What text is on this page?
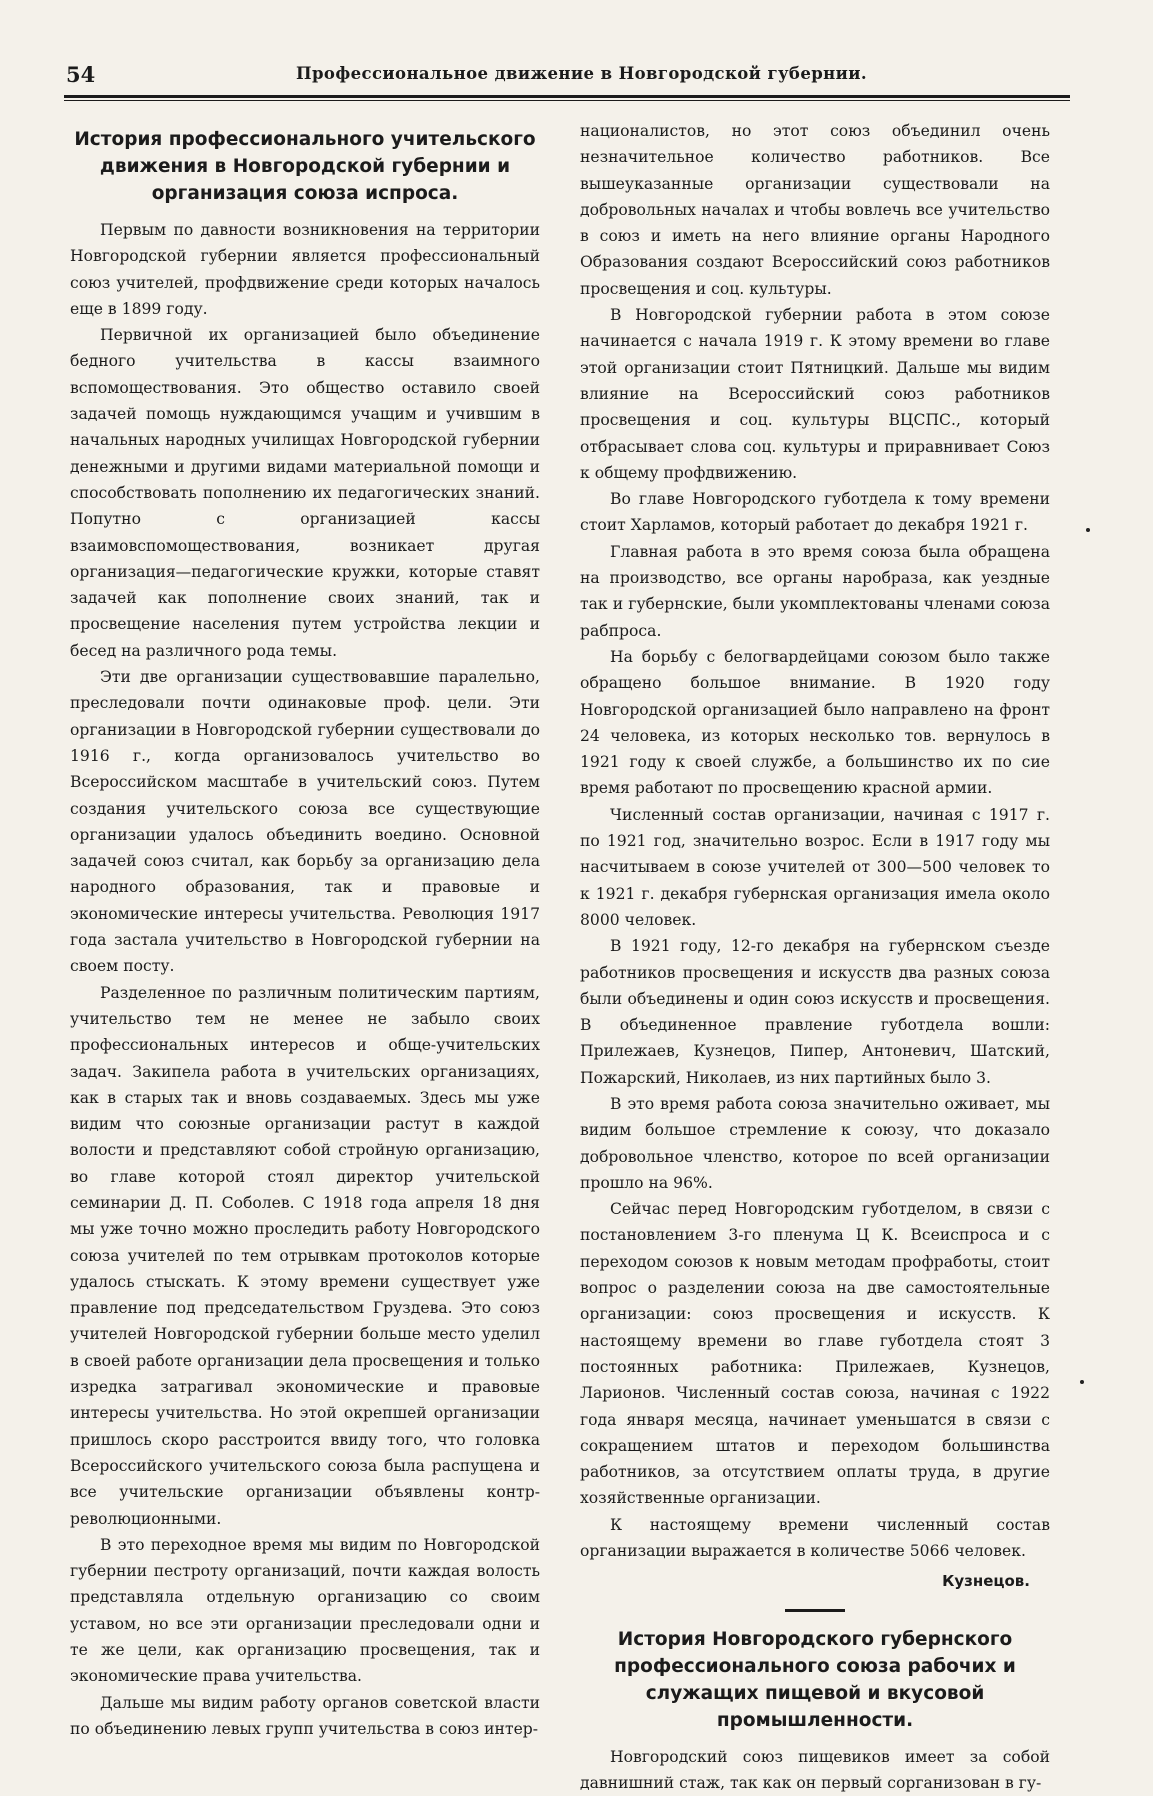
54	Профессиональное движение в Новгородской губернии.
История профессионального учительского движения в Новгородской губернии и организация союза испроса.

Первым по давности возникновения на территории Новгородской губернии является профессиональный союз учителей, профдвижение среди которых началось еще в 1899 году.

Первичной их организацией было объединение бедного учительства в кассы взаимного вспомоществования. Это общество оставило своей задачей помощь нуждающимся учащим и учившим в начальных народных училищах Новгородской губернии денежными и другими видами материальной помощи и способствовать пополнению их педагогических знаний. Попутно с организацией кассы взаимовспомоществования, возникает другая организация—педагогические кружки, которые ставят задачей как пополнение своих знаний, так и просвещение населения путем устройства лекции и бесед на различного рода темы.

Эти две организации существовавшие паралельно, преследовали почти одинаковые проф. цели. Эти организации в Новгородской губернии существовали до 1916 г., когда организовалось учительство во Всероссийском масштабе в учительский союз. Путем создания учительского союза все существующие организации удалось объединить воедино. Основной задачей союз считал, как борьбу за организацию дела народного образования, так и правовые и экономические интересы учительства. Революция 1917 года застала учительство в Новгородской губернии на своем посту.

Разделенное по различным политическим партиям, учительство тем не менее не забыло своих профессиональных интересов и обще-учительских задач. Закипела работа в учительских организациях, как в старых так и вновь создаваемых. Здесь мы уже видим что союзные организации растут в каждой волости и представляют собой стройную организацию, во главе которой стоял директор учительской семинарии Д. П. Соболев. С 1918 года апреля 18 дня мы уже точно можно проследить работу Новгородского союза учителей по тем отрывкам протоколов которые удалось стыскать. К этому времени существует уже правление под председательством Груздева. Это союз учителей Новгородской губернии больше место уделил в своей работе организации дела просвещения и только изредка затрагивал экономические и правовые интересы учительства. Но этой окрепшей организации пришлось скоро расстроится ввиду того, что головка Всероссийского учительского союза была распущена и все учительские организации объявлены контр-революционными.

В это переходное время мы видим по Новгородской губернии пестроту организаций, почти каждая волость представляла отдельную организацию со своим уставом, но все эти организации преследовали одни и те же цели, как организацию просвещения, так и экономические права учительства.

Дальше мы видим работу органов советской власти по объединению левых групп учительства в союз интер-

националистов, но этот союз объединил очень незначительное количество работников. Все вышеуказанные организации существовали на добровольных началах и чтобы вовлечь все учительство в союз и иметь на него влияние органы Народного Образования создают Всероссийский союз работников просвещения и соц. культуры.

В Новгородской губернии работа в этом союзе начинается с начала 1919 г. К этому времени во главе этой организации стоит Пятницкий. Дальше мы видим влияние на Всероссийский союз работников просвещения и соц. культуры ВЦСПС., который отбрасывает слова соц. культуры и приравнивает Союз к общему профдвижению.

Во главе Новгородского губотдела к тому времени стоит Харламов, который работает до декабря 1921 г.

Главная работа в это время союза была обращена на производство, все органы наробраза, как уездные так и губернские, были укомплектованы членами союза рабпроса.

На борьбу с белогвардейцами союзом было также обращено большое внимание. В 1920 году Новгородской организацией было направлено на фронт 24 человека, из которых несколько тов. вернулось в 1921 году к своей службе, а большинство их по сие время работают по просвещению красной армии.

Численный состав организации, начиная с 1917 г. по 1921 год, значительно возрос. Если в 1917 году мы насчитываем в союзе учителей от 300—500 человек то к 1921 г. декабря губернская организация имела около 8000 человек.

В 1921 году, 12-го декабря на губернском съезде работников просвещения и искусств два разных союза были объединены и один союз искусств и просвещения. В объединенное правление губотдела вошли: Прилежаев, Кузнецов, Пипер, Антоневич, Шатский, Пожарский, Николаев, из них партийных было 3.

В это время работа союза значительно оживает, мы видим большое стремление к союзу, что доказало добровольное членство, которое по всей организации прошло на 96%.

Сейчас перед Новгородским губотделом, в связи с постановлением 3-го пленума Ц К. Всеиспроса и с переходом союзов к новым методам профработы, стоит вопрос о разделении союза на две самостоятельные организации: союз просвещения и искусств. К настоящему времени во главе губотдела стоят 3 постоянных работника: Прилежаев, Кузнецов, Ларионов. Численный состав союза, начиная с 1922 года января месяца, начинает уменьшатся в связи с сокращением штатов и переходом большинства работников, за отсутствием оплаты труда, в другие хозяйственные организации.

К настоящему времени численный состав организации выражается в количестве 5066 человек.

Кузнецов.
История Новгородского губернского профессионального союза рабочих и служащих пищевой и вкусовой промышленности.

Новгородский союз пищевиков имеет за собой давнишний стаж, так как он первый сорганизован в гу-
